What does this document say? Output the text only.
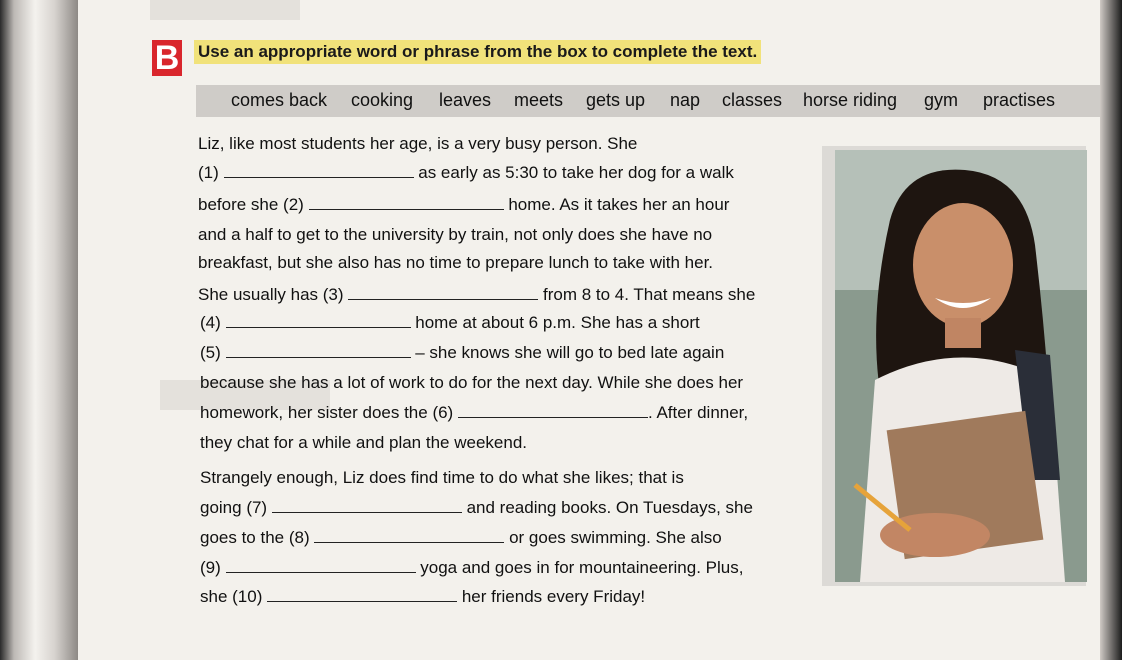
B Use an appropriate word or phrase from the box to complete the text.
comes back cooking leaves meets gets up nap classes horse riding gym practises
Liz, like most students her age, is a very busy person. She
(1)	as early as 5:30 to take her dog for a walk
before she (2)	home. As it takes her an hour
and a half to get to the university by train, not only does she have no
breakfast, but she also has no time to prepare lunch to take with her.
She usually has (3)	from 8 to 4. That means she
(4)	home at about 6 p.m. She has a short
(5)	– she knows she will go to bed late again
because she has a lot of work to do for the next day. While she does her
homework, her sister does the (6)	. After dinner,
they chat for a while and plan the weekend.
Strangely enough, Liz does find time to do what she likes; that is
going (7)	and reading books. On Tuesdays, she
goes to the (8)	or goes swimming. She also
(9)	yoga and goes in for mountaineering. Plus,
she (10)	her friends every Friday!
